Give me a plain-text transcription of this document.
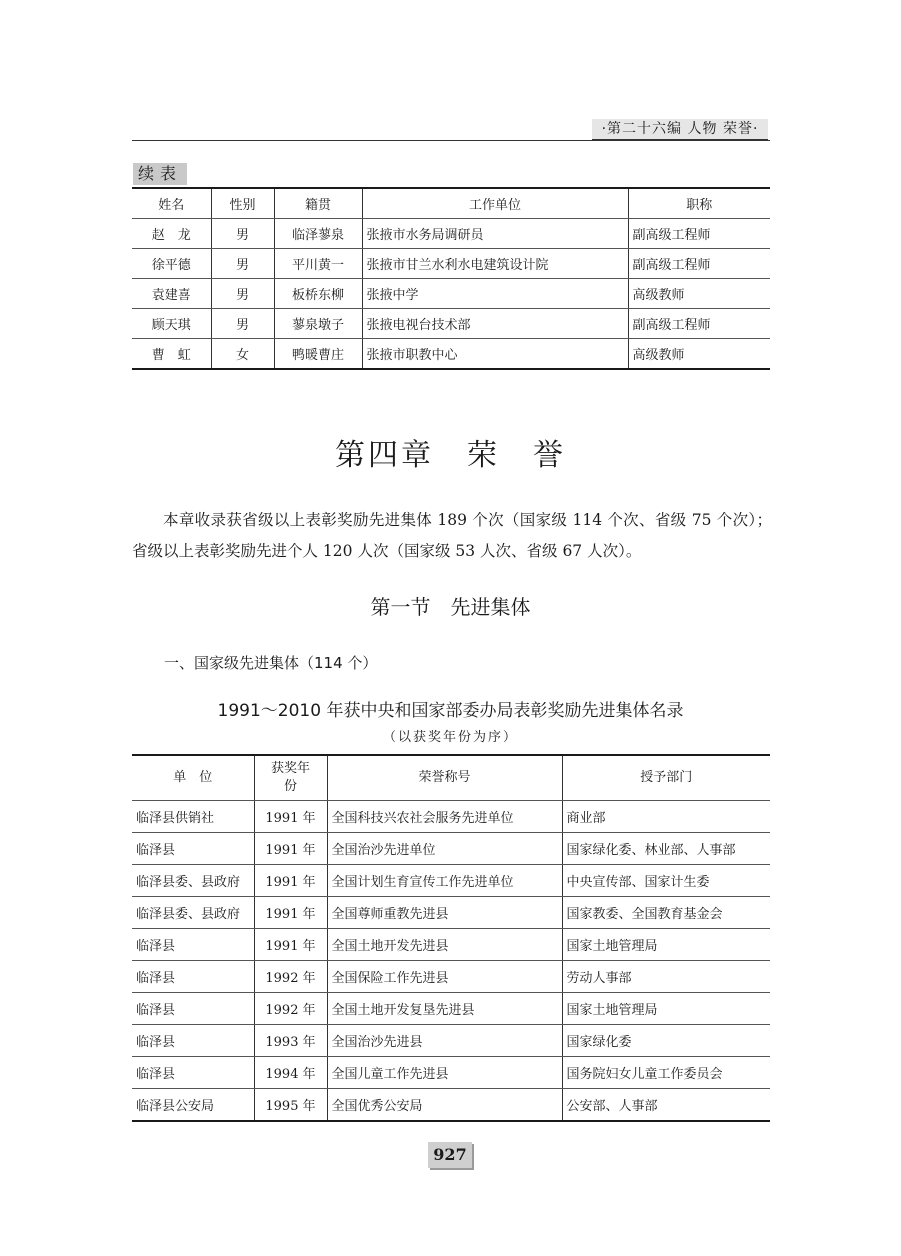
·第二十六编 人物 荣誉·
续表
姓名	性别	籍贯	工作单位	职称
赵　龙	男	临泽蓼泉	张掖市水务局调研员	副高级工程师
徐平德	男	平川黄一	张掖市甘兰水利水电建筑设计院	副高级工程师
袁建喜	男	板桥东柳	张掖中学	高级教师
顾天琪	男	蓼泉墩子	张掖电视台技术部	副高级工程师
曹　虹	女	鸭暖曹庄	张掖市职教中心	高级教师
第四章　荣　誉
本章收录获省级以上表彰奖励先进集体 189 个次（国家级 114 个次、省级 75 个次）；省级以上表彰奖励先进个人 120 人次（国家级 53 人次、省级 67 人次）。
第一节　先进集体
一、国家级先进集体（114 个）
1991～2010 年获中央和国家部委办局表彰奖励先进集体名录
（以获奖年份为序）
单　位	获奖年份	荣誉称号	授予部门
临泽县供销社	1991 年	全国科技兴农社会服务先进单位	商业部
临泽县	1991 年	全国治沙先进单位	国家绿化委、林业部、人事部
临泽县委、县政府	1991 年	全国计划生育宣传工作先进单位	中央宣传部、国家计生委
临泽县委、县政府	1991 年	全国尊师重教先进县	国家教委、全国教育基金会
临泽县	1991 年	全国土地开发先进县	国家土地管理局
临泽县	1992 年	全国保险工作先进县	劳动人事部
临泽县	1992 年	全国土地开发复垦先进县	国家土地管理局
临泽县	1993 年	全国治沙先进县	国家绿化委
临泽县	1994 年	全国儿童工作先进县	国务院妇女儿童工作委员会
临泽县公安局	1995 年	全国优秀公安局	公安部、人事部
927
